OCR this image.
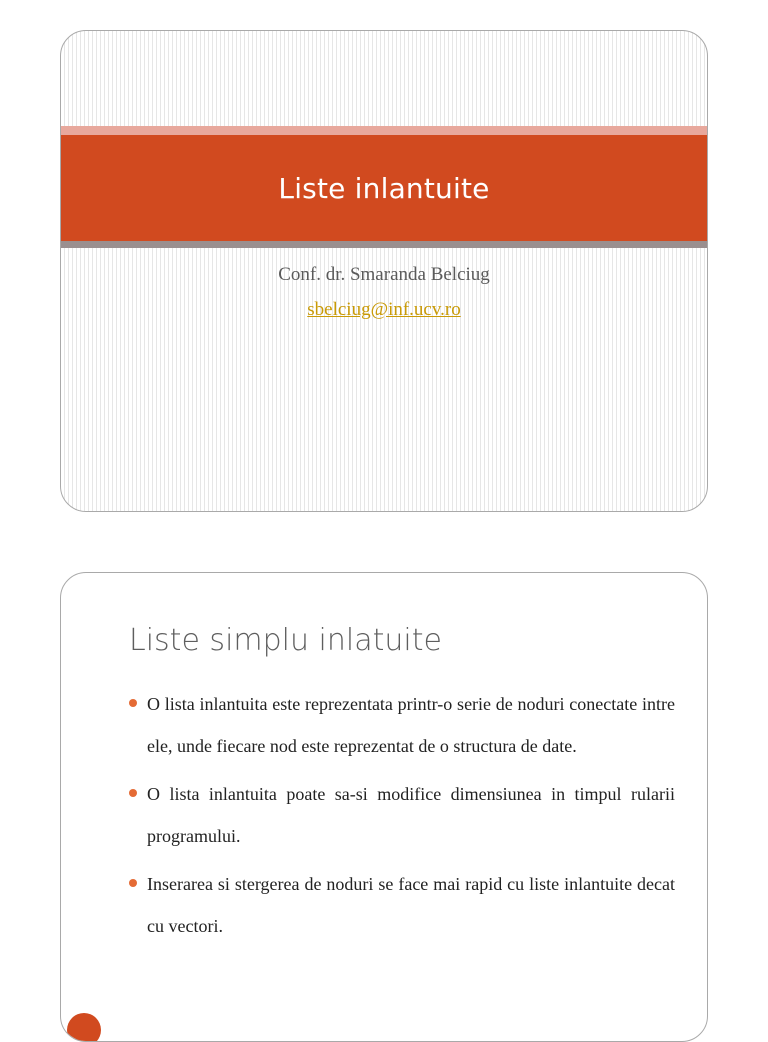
Liste inlantuite
Conf. dr. Smaranda Belciug
sbelciug@inf.ucv.ro
Liste simplu inlatuite
O lista inlantuita este reprezentata printr-o serie de noduri conectate intre ele, unde fiecare nod este reprezentat de o structura de date.
O lista inlantuita poate sa-si modifice dimensiunea in timpul rularii programului.
Inserarea si stergerea de noduri se face mai rapid cu liste inlantuite decat cu vectori.
